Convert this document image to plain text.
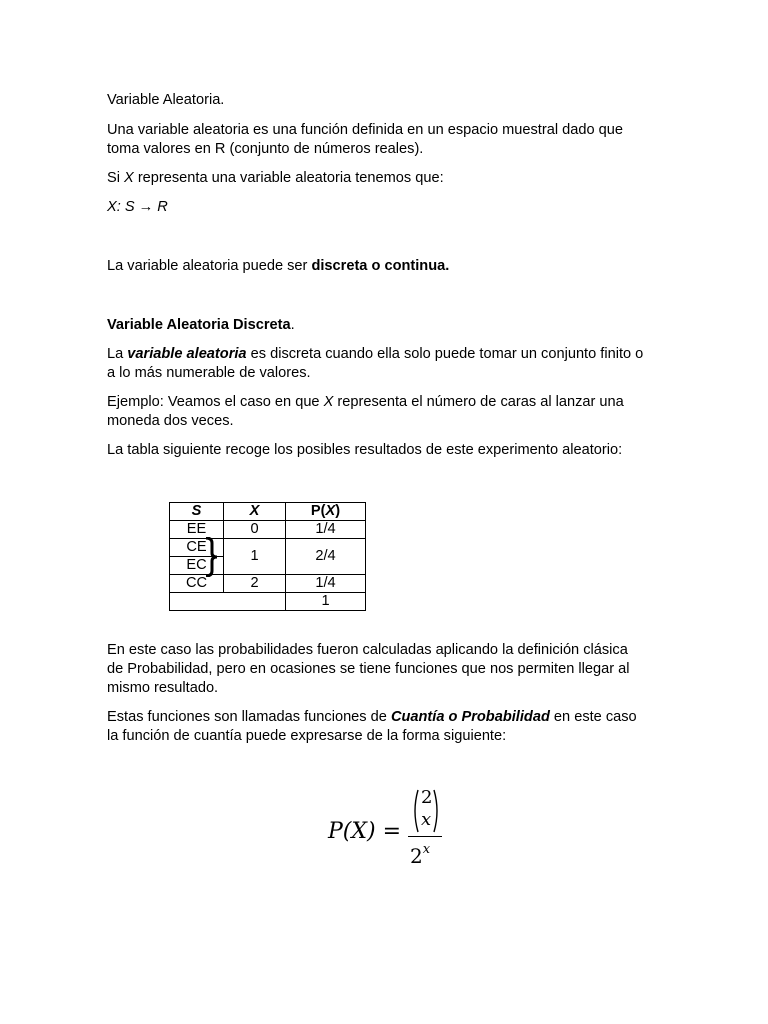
Variable Aleatoria.

Una variable aleatoria es una función definida en un espacio muestral dado que

toma valores en R (conjunto de números reales).

Si X representa una variable aleatoria tenemos que:

X: S → R

La variable aleatoria puede ser discreta o continua.

Variable Aleatoria Discreta.

La variable aleatoria es discreta cuando ella solo puede tomar un conjunto finito o

a lo más numerable de valores.

Ejemplo: Veamos el caso en que X representa el número de caras al lanzar una

moneda dos veces.

La tabla siguiente recoge los posibles resultados de este experimento aleatorio:

En este caso las probabilidades fueron calculadas aplicando la definición clásica

de Probabilidad, pero en ocasiones se tiene funciones que nos permiten llegar al

mismo resultado.

Estas funciones son llamadas funciones de Cuantía o Probabilidad en este caso

la función de cuantía puede expresarse de la forma siguiente:

S	X	P(X)
EE	0	1/4
CE	1	2/4
EC		
CC	2	1/4
		1
P(X) =
2
x
2$^x$
